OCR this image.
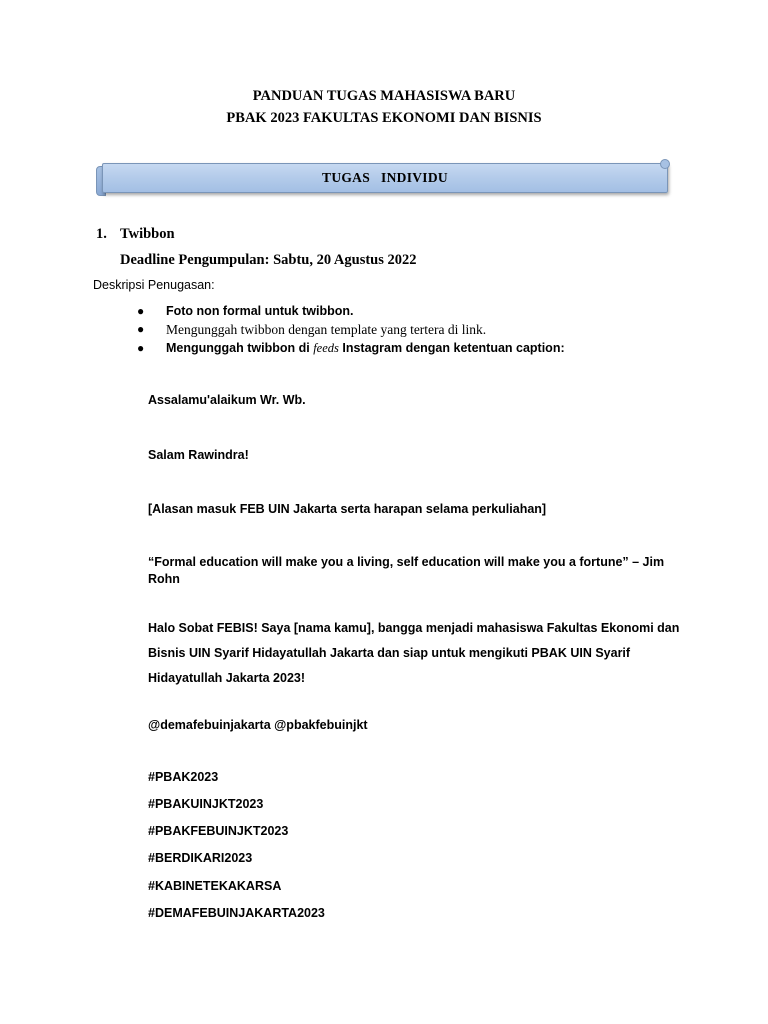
PANDUAN TUGAS MAHASISWA BARU
PBAK 2023 FAKULTAS EKONOMI DAN BISNIS
TUGAS   INDIVIDU
1. Twibbon
Deadline Pengumpulan: Sabtu, 20 Agustus 2022
Deskripsi Penugasan:
● Foto non formal untuk twibbon.
● Mengunggah twibbon dengan template yang tertera di link.
● Mengunggah twibbon di feeds Instagram dengan ketentuan caption:
Assalamu'alaikum Wr. Wb.
Salam Rawindra!
[Alasan masuk FEB UIN Jakarta serta harapan selama perkuliahan]
“Formal education will make you a living, self education will make you a fortune” – Jim Rohn
Halo Sobat FEBIS! Saya [nama kamu], bangga menjadi mahasiswa Fakultas Ekonomi dan
Bisnis UIN Syarif Hidayatullah Jakarta dan siap untuk mengikuti PBAK UIN Syarif
Hidayatullah Jakarta 2023!
@demafebuinjakarta @pbakfebuinjkt
#PBAK2023
#PBAKUINJKT2023
#PBAKFEBUINJKT2023
#BERDIKARI2023
#KABINETEKAKARSA
#DEMAFEBUINJAKARTA2023
